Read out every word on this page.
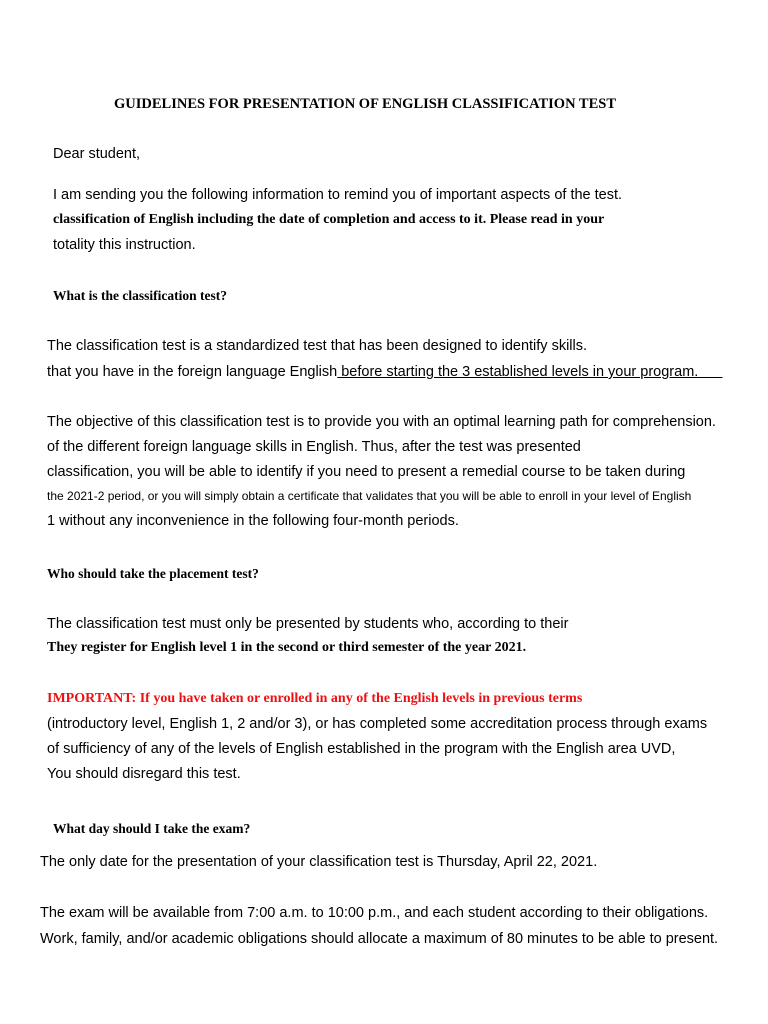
GUIDELINES FOR PRESENTATION OF ENGLISH CLASSIFICATION TEST

Dear student,

I am sending you the following information to remind you of important aspects of the test.

classification of English including the date of completion and access to it. Please read in your

totality this instruction.

What is the classification test?

The classification test is a standardized test that has been designed to identify skills.

that you have in the foreign language English before starting the 3 established levels in your program.

The objective of this classification test is to provide you with an optimal learning path for comprehension.

of the different foreign language skills in English. Thus, after the test was presented

classification, you will be able to identify if you need to present a remedial course to be taken during

the 2021-2 period, or you will simply obtain a certificate that validates that you will be able to enroll in your level of English

1 without any inconvenience in the following four-month periods.

Who should take the placement test?

The classification test must only be presented by students who, according to their

They register for English level 1 in the second or third semester of the year 2021.

IMPORTANT: If you have taken or enrolled in any of the English levels in previous terms

(introductory level, English 1, 2 and/or 3), or has completed some accreditation process through exams

of sufficiency of any of the levels of English established in the program with the English area UVD,

You should disregard this test.

What day should I take the exam?

The only date for the presentation of your classification test is Thursday, April 22, 2021.

The exam will be available from 7:00 a.m. to 10:00 p.m., and each student according to their obligations.

Work, family, and/or academic obligations should allocate a maximum of 80 minutes to be able to present.
